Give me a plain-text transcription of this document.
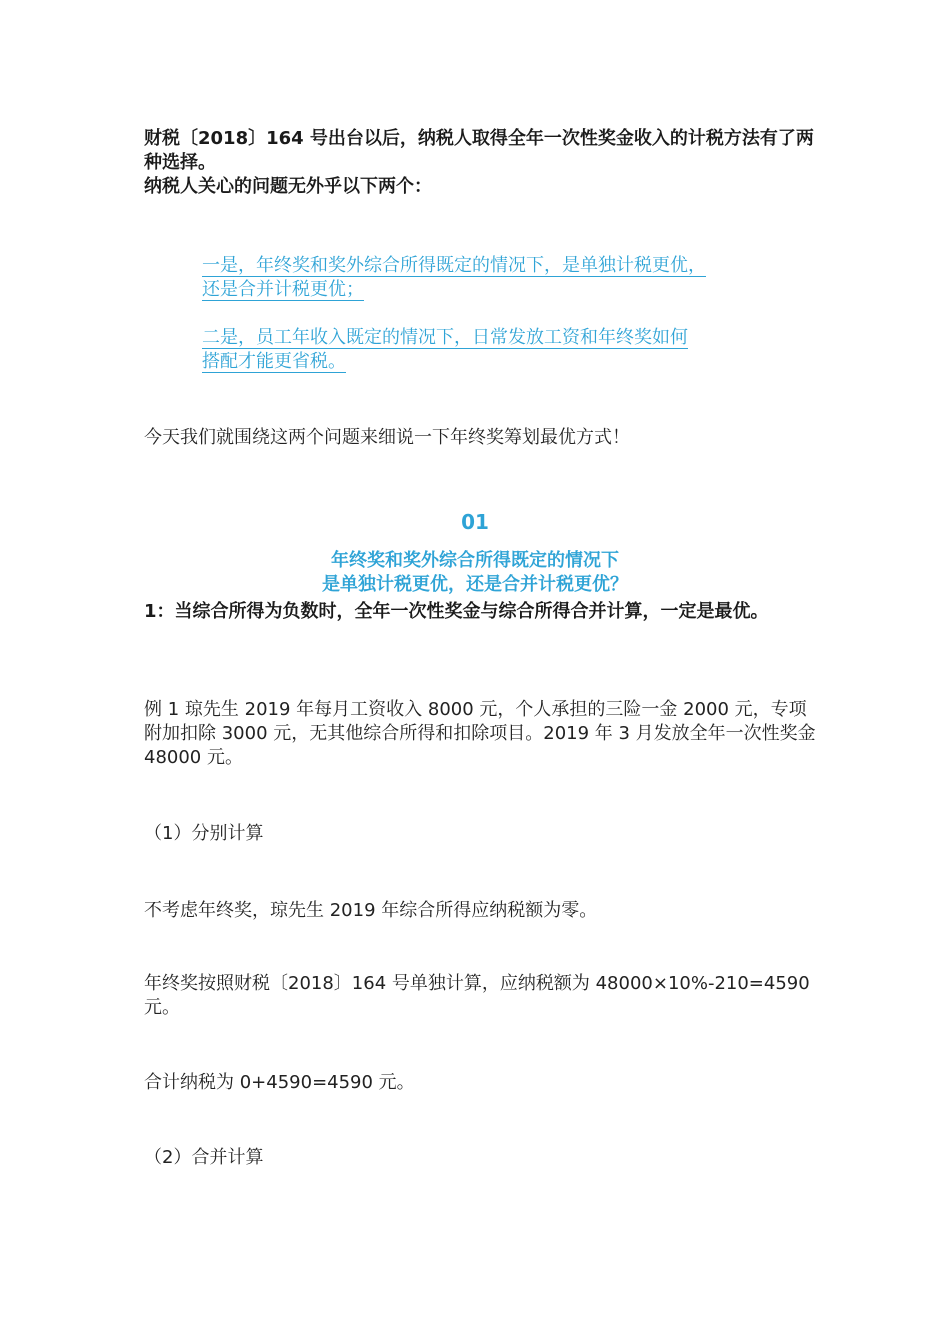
财税〔2018〕164 号出台以后，纳税人取得全年一次性奖金收入的计税方法有了两种选择。

纳税人关心的问题无外乎以下两个：

一是，年终奖和奖外综合所得既定的情况下，是单独计税更优，
还是合并计税更优；
二是，员工年收入既定的情况下，日常发放工资和年终奖如何
搭配才能更省税。
今天我们就围绕这两个问题来细说一下年终奖筹划最优方式！
01
年终奖和奖外综合所得既定的情况下
是单独计税更优，还是合并计税更优？
1：当综合所得为负数时，全年一次性奖金与综合所得合并计算，一定是最优。
例 1 琼先生 2019 年每月工资收入 8000 元，个人承担的三险一金 2000 元，专项附加扣除 3000 元，无其他综合所得和扣除项目。2019 年 3 月发放全年一次性奖金 48000 元。
（1）分别计算
不考虑年终奖，琼先生 2019 年综合所得应纳税额为零。
年终奖按照财税〔2018〕164 号单独计算，应纳税额为 48000×10%-210=4590 元。
合计纳税为 0+4590=4590 元。
（2）合并计算
